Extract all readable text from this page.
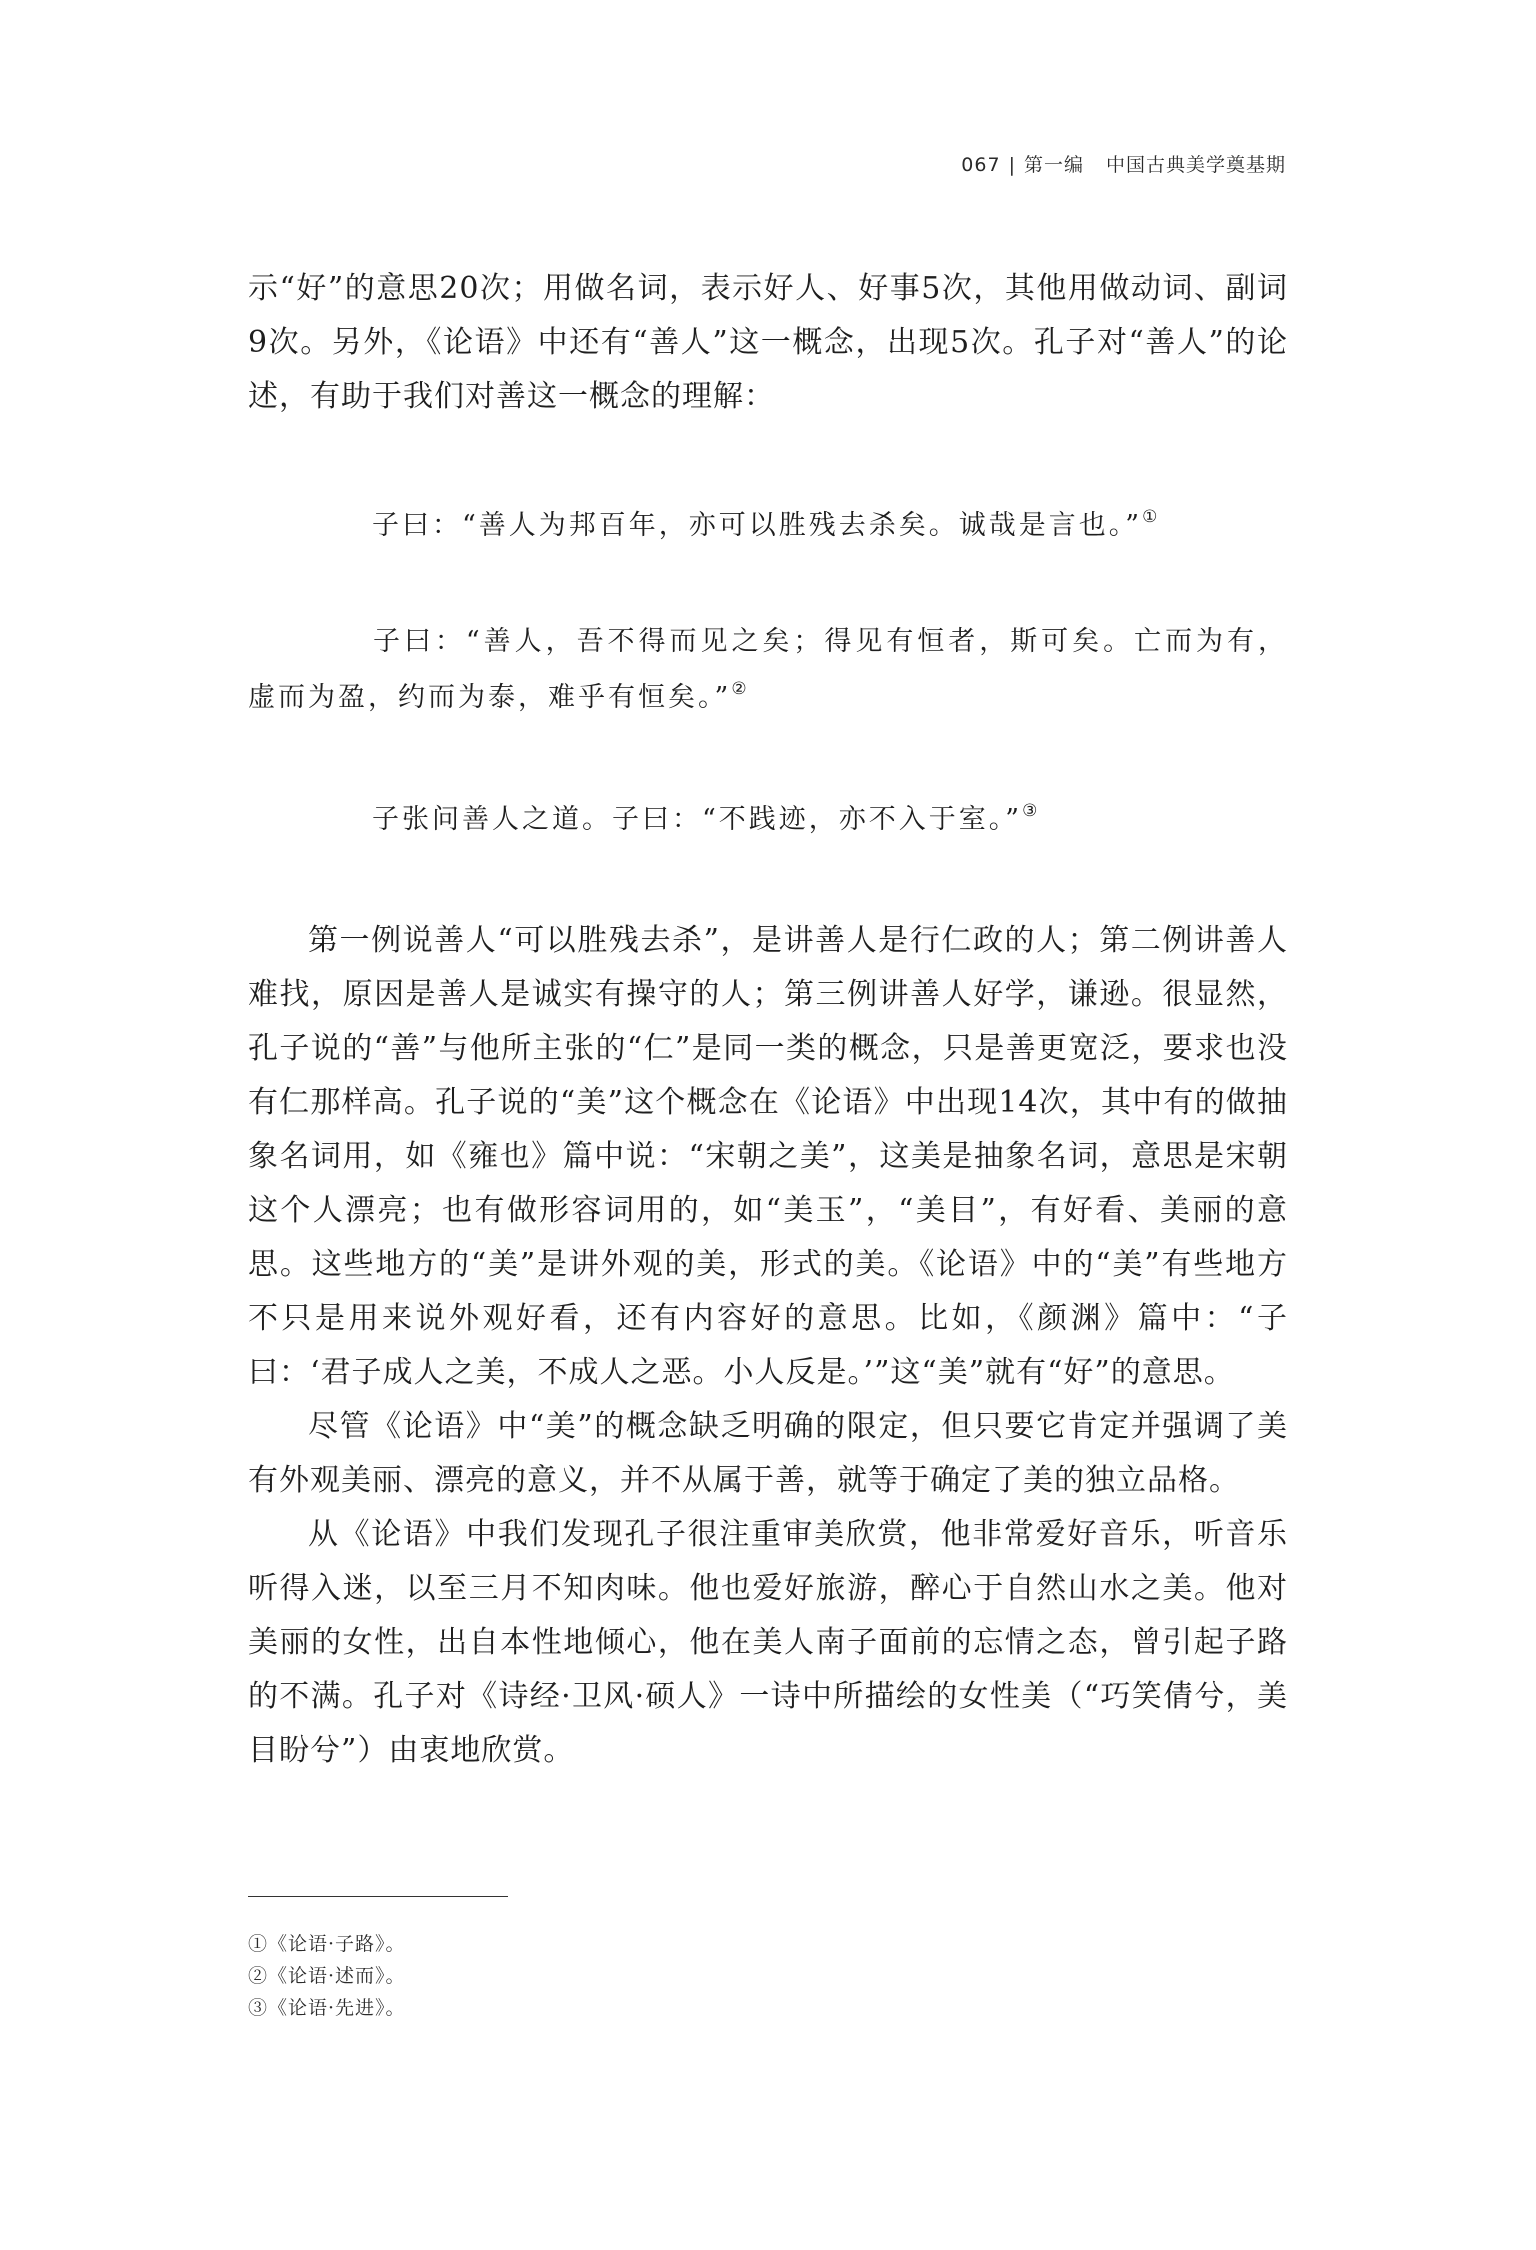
067 | 第一编 中国古典美学奠基期

示“好”的意思20次；用做名词，表示好人、好事5次，其他用做动词、副词9次。另外，《论语》中还有“善人”这一概念，出现5次。孔子对“善人”的论述，有助于我们对善这一概念的理解：

子曰：“善人为邦百年，亦可以胜残去杀矣。诚哉是言也。”①

子曰：“善人，吾不得而见之矣；得见有恒者，斯可矣。亡而为有，虚而为盈，约而为泰，难乎有恒矣。”②

子张问善人之道。子曰：“不践迹，亦不入于室。”③

第一例说善人“可以胜残去杀”，是讲善人是行仁政的人；第二例讲善人难找，原因是善人是诚实有操守的人；第三例讲善人好学，谦逊。很显然，孔子说的“善”与他所主张的“仁”是同一类的概念，只是善更宽泛，要求也没有仁那样高。孔子说的“美”这个概念在《论语》中出现14次，其中有的做抽象名词用，如《雍也》篇中说：“宋朝之美”，这美是抽象名词，意思是宋朝这个人漂亮；也有做形容词用的，如“美玉”，“美目”，有好看、美丽的意思。这些地方的“美”是讲外观的美，形式的美。《论语》中的“美”有些地方不只是用来说外观好看，还有内容好的意思。比如，《颜渊》篇中：“子曰：‘君子成人之美，不成人之恶。小人反是。’”这“美”就有“好”的意思。

尽管《论语》中“美”的概念缺乏明确的限定，但只要它肯定并强调了美有外观美丽、漂亮的意义，并不从属于善，就等于确定了美的独立品格。

从《论语》中我们发现孔子很注重审美欣赏，他非常爱好音乐，听音乐听得入迷，以至三月不知肉味。他也爱好旅游，醉心于自然山水之美。他对美丽的女性，出自本性地倾心，他在美人南子面前的忘情之态，曾引起子路的不满。孔子对《诗经·卫风·硕人》一诗中所描绘的女性美（“巧笑倩兮，美目盼兮”）由衷地欣赏。

①《论语·子路》。
②《论语·述而》。
③《论语·先进》。
